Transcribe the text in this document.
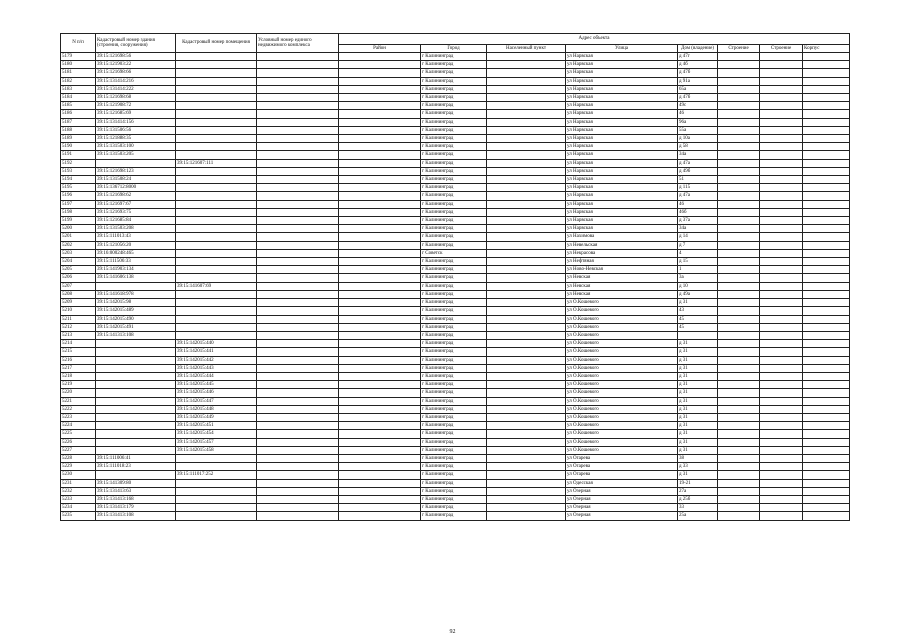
N п/п	Кадастровый номер здания (строения, сооружения)	Кадастровый номер помещения	Условный номер единого недвижимого комплекса	Адрес объекта							
				Район	Город	Населенный пункт	Улица	Дом (владение)	Строение	Строение	Корпус
5179	39:15:121698:56				г Калининград		ул Нарвская	д 47г			
5180	39:15:121903:22				г Калининград		ул Нарвская	д 4б			
5181	39:15:121698:66				г Калининград		ул Нарвская	д 47б			
5182	39:15:131414:216				г Калининград		ул Нарвская	д 91а			
5183	39:15:131414:222				г Калининград		ул Нарвская	65а			
5184	39:15:121698:68				г Калининград		ул Нарвская	д 47б			
5185	39:15:121908:72				г Калининград		ул Нарвская	49с			
5186	39:15:121685:69				г Калининград		ул Нарвская	46			
5187	39:15:131414:156				г Калининград		ул Нарвская	96а			
5188	39:15:131506:56				г Калининград		ул Нарвская	55а			
5189	39:15:121888:35				г Калининград		ул Нарвская	д 10а			
5190	39:15:131503:100				г Калининград		ул Нарвская	д 58			
5191	39:15:131503:205				г Калининград		ул Нарвская	34а			
5192		39:15:121607:111			г Калининград		ул Нарвская	д 47а			
5193	39:15:121698:123				г Калининград		ул Нарвская	д 49б			
5194	39:15:131508:24				г Калининград		ул Нарвская	51			
5195	39:15:136712:8000				г Калининград		ул Нарвская	д 115			
5196	39:15:121698:62				г Калининград		ул Нарвская	д 47а			
5197	39:15:121697:67				г Калининград		ул Нарвская	46			
5198	39:15:121693:75				г Калининград		ул Нарвская	46б			
5199	39:15:121685:84				г Калининград		ул Нарвская	д 37а			
5200	39:15:131503:208				г Калининград		ул Нарвская	34а			
5201	39:15:111013:43				г Калининград		ул Нахимова	д 14			
5202	39:15:121056:20				г Калининград		ул Невельская	д 7			
5203	39:16:000248:465				г Советск		ул Некрасова	4			
5204	39:15:111506:33				г Калининград		ул Нефтяная	д 15			
5205	39:15:141903:134				г Калининград		ул Ново-Невская	1			
5206	39:15:141606:138				г Калининград		ул Невская	3а			
5207		39:15:141607:69			г Калининград		ул Невская	д 10			
5208	39:15:141618:978				г Калининград		ул Невская	д 49а			
5209	39:15:142015:98				г Калининград		ул О.Кошевого	д 31			
5210	39:15:142015:489				г Калининград		ул О.Кошевого	43			
5211	39:15:142015:490				г Калининград		ул О.Кошевого	45			
5212	39:15:142015:491				г Калининград		ул О.Кошевого	45			
5213	39:15:141313:108				г Калининград		ул О.Кошевого				
5214		39:15:142015:440			г Калининград		ул О.Кошевого	д 31			
5215		39:15:142015:441			г Калининград		ул О.Кошевого	д 31			
5216		39:15:142015:442			г Калининград		ул О.Кошевого	д 31			
5217		39:15:142015:443			г Калининград		ул О.Кошевого	д 31			
5218		39:15:142015:444			г Калининград		ул О.Кошевого	д 31			
5219		39:15:142015:445			г Калининград		ул О.Кошевого	д 31			
5220		39:15:142015:446			г Калининград		ул О.Кошевого	д 31			
5221		39:15:142015:447			г Калининград		ул О.Кошевого	д 31			
5222		39:15:142015:448			г Калининград		ул О.Кошевого	д 31			
5223		39:15:142015:449			г Калининград		ул О.Кошевого	д 31			
5224		39:15:142015:451			г Калининград		ул О.Кошевого	д 31			
5225		39:15:142015:454			г Калининград		ул О.Кошевого	д 31			
5226		39:15:142015:457			г Калининград		ул О.Кошевого	д 31			
5227		39:15:142015:458			г Калининград		ул О.Кошевого	д 31			
5228	39:15:111006:41				г Калининград		ул Огарева	38			
5229	39:15:111018:23				г Калининград		ул Огарева	д 33			
5230		39:15:111017:252			г Калининград		ул Огарева	д 31			
5231	39:15:141309:80				г Калининград		ул Одесская	19-21			
5232	39:15:131413:63				г Калининград		ул Озерная	27а			
5233	39:15:131413:168				г Калининград		ул Озерная	д 25б			
5234	39:15:131413:179				г Калининград		ул Озерная	33			
5235	39:15:131413:108				г Калининград		ул Озерная	25а			
92
